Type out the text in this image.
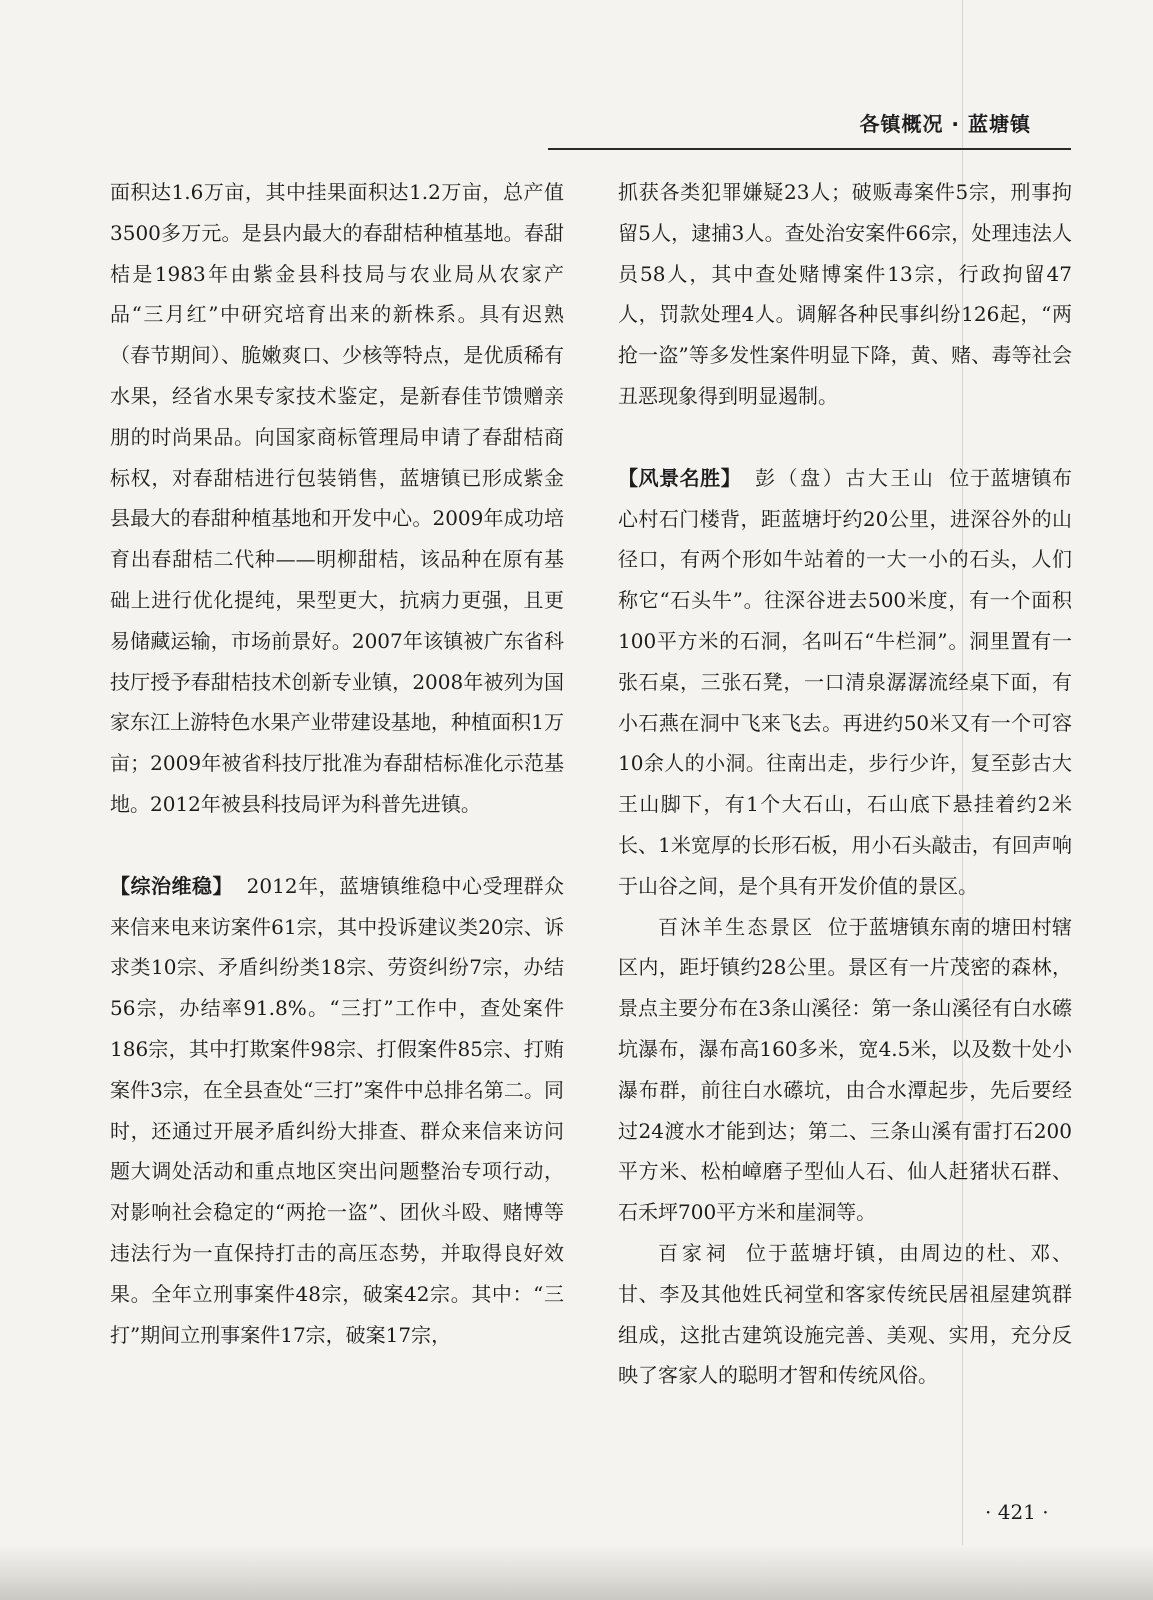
各镇概况 · 蓝塘镇

面积达1.6万亩，其中挂果面积达1.2万亩，总产值3500多万元。是县内最大的春甜桔种植基地。春甜桔是1983年由紫金县科技局与农业局从农家产品“三月红”中研究培育出来的新株系。具有迟熟（春节期间）、脆嫩爽口、少核等特点，是优质稀有水果，经省水果专家技术鉴定，是新春佳节馈赠亲朋的时尚果品。向国家商标管理局申请了春甜桔商标权，对春甜桔进行包装销售，蓝塘镇已形成紫金县最大的春甜种植基地和开发中心。2009年成功培育出春甜桔二代种——明柳甜桔，该品种在原有基础上进行优化提纯，果型更大，抗病力更强，且更易储藏运输，市场前景好。2007年该镇被广东省科技厅授予春甜桔技术创新专业镇，2008年被列为国家东江上游特色水果产业带建设基地，种植面积1万亩；2009年被省科技厅批准为春甜桔标准化示范基地。2012年被县科技局评为科普先进镇。

【综治维稳】 2012年，蓝塘镇维稳中心受理群众来信来电来访案件61宗，其中投诉建议类20宗、诉求类10宗、矛盾纠纷类18宗、劳资纠纷7宗，办结56宗，办结率91.8%。“三打”工作中，查处案件186宗，其中打欺案件98宗、打假案件85宗、打贿案件3宗，在全县查处“三打”案件中总排名第二。同时，还通过开展矛盾纠纷大排查、群众来信来访问题大调处活动和重点地区突出问题整治专项行动，对影响社会稳定的“两抢一盗”、团伙斗殴、赌博等违法行为一直保持打击的高压态势，并取得良好效果。全年立刑事案件48宗，破案42宗。其中：“三打”期间立刑事案件17宗，破案17宗，

抓获各类犯罪嫌疑23人；破贩毒案件5宗，刑事拘留5人，逮捕3人。查处治安案件66宗，处理违法人员58人，其中查处赌博案件13宗，行政拘留47人，罚款处理4人。调解各种民事纠纷126起，“两抢一盗”等多发性案件明显下降，黄、赌、毒等社会丑恶现象得到明显遏制。

【风景名胜】 彭（盘）古大王山 位于蓝塘镇布心村石门楼背，距蓝塘圩约20公里，进深谷外的山径口，有两个形如牛站着的一大一小的石头，人们称它“石头牛”。往深谷进去500米度，有一个面积100平方米的石洞，名叫石“牛栏洞”。洞里置有一张石桌，三张石凳，一口清泉潺潺流经桌下面，有小石燕在洞中飞来飞去。再进约50米又有一个可容10余人的小洞。往南出走，步行少许，复至彭古大王山脚下，有1个大石山，石山底下悬挂着约2米长、1米宽厚的长形石板，用小石头敲击，有回声响于山谷之间，是个具有开发价值的景区。

百沐羊生态景区 位于蓝塘镇东南的塘田村辖区内，距圩镇约28公里。景区有一片茂密的森林，景点主要分布在3条山溪径：第一条山溪径有白水礤坑瀑布，瀑布高160多米，宽4.5米，以及数十处小瀑布群，前往白水礤坑，由合水潭起步，先后要经过24渡水才能到达；第二、三条山溪有雷打石200平方米、松柏嶂磨子型仙人石、仙人赶猪状石群、石禾坪700平方米和崖洞等。

百家祠 位于蓝塘圩镇，由周边的杜、邓、甘、李及其他姓氏祠堂和客家传统民居祖屋建筑群组成，这批古建筑设施完善、美观、实用，充分反映了客家人的聪明才智和传统风俗。

· 421 ·
